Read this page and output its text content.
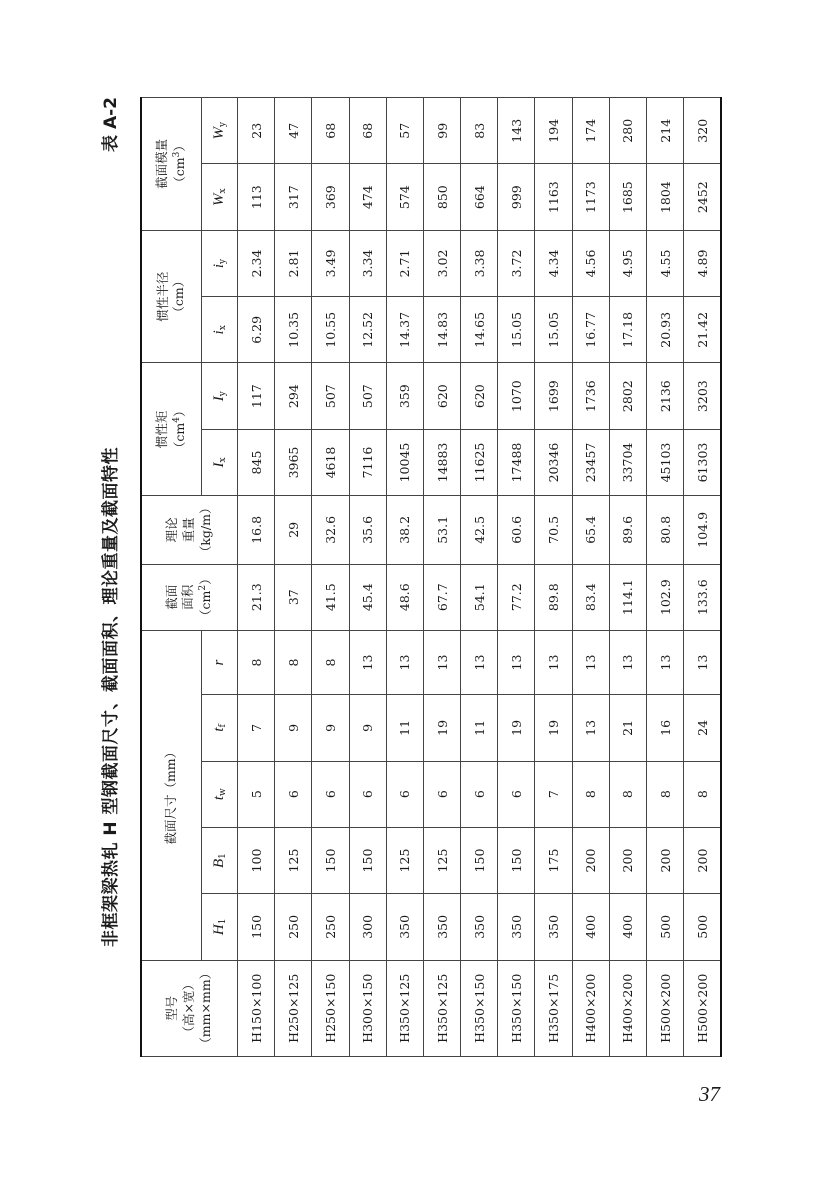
非框架梁热轧 H 型钢截面尺寸、截面面积、理论重量及截面特性
表 A-2
型号 （高×宽） （mm×mm）	截面尺寸（mm）					截面 面积 $(cm^2)$	理论 重量 （kg/m）	惯性矩 $(cm^4)$		惯性半径 （cm）		截面模量 $(cm^3)$	
	H1	B1	tw	tf	r			Ix	Iy	ix	iy	Wx	Wy
H150×100	150	100	5	7	8	21.3	16.8	845	117	6.29	2.34	113	23
H250×125	250	125	6	9	8	37	29	3965	294	10.35	2.81	317	47
H250×150	250	150	6	9	8	41.5	32.6	4618	507	10.55	3.49	369	68
H300×150	300	150	6	9	13	45.4	35.6	7116	507	12.52	3.34	474	68
H350×125	350	125	6	11	13	48.6	38.2	10045	359	14.37	2.71	574	57
H350×125	350	125	6	19	13	67.7	53.1	14883	620	14.83	3.02	850	99
H350×150	350	150	6	11	13	54.1	42.5	11625	620	14.65	3.38	664	83
H350×150	350	150	6	19	13	77.2	60.6	17488	1070	15.05	3.72	999	143
H350×175	350	175	7	19	13	89.8	70.5	20346	1699	15.05	4.34	1163	194
H400×200	400	200	8	13	13	83.4	65.4	23457	1736	16.77	4.56	1173	174
H400×200	400	200	8	21	13	114.1	89.6	33704	2802	17.18	4.95	1685	280
H500×200	500	200	8	16	13	102.9	80.8	45103	2136	20.93	4.55	1804	214
H500×200	500	200	8	24	13	133.6	104.9	61303	3203	21.42	4.89	2452	320
37
